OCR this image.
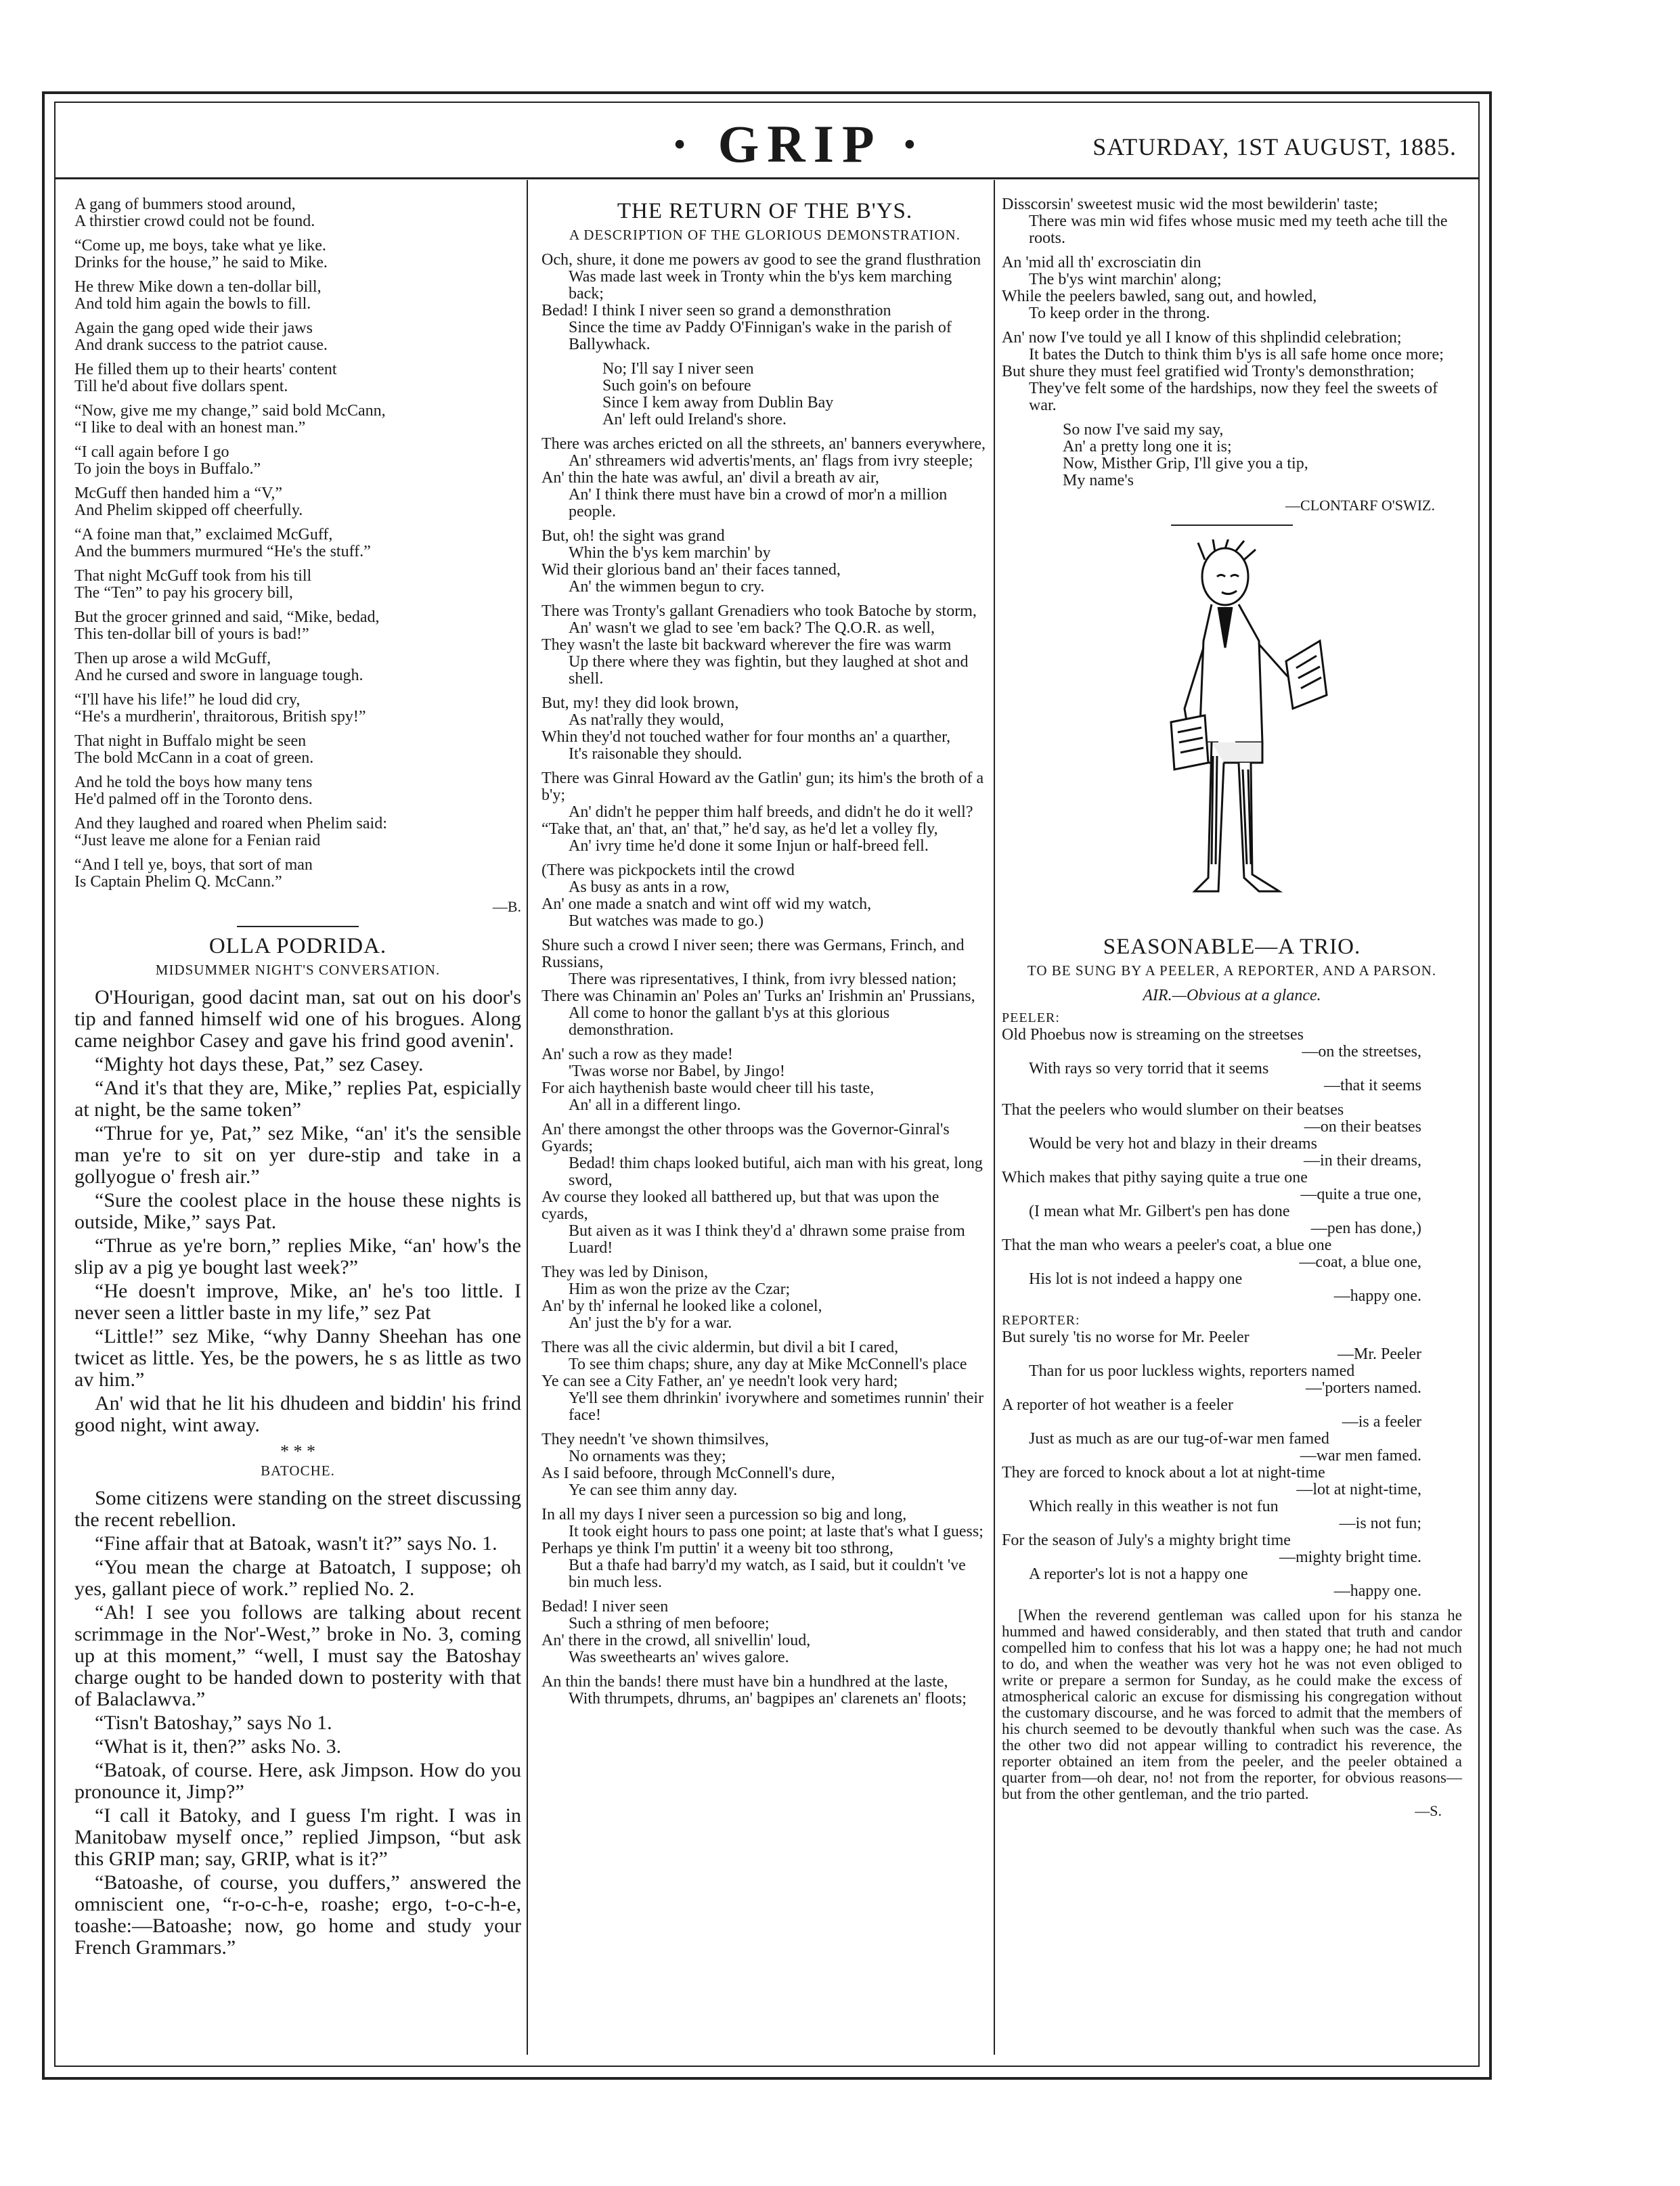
· GRIP ·	SATURDAY, 1ST AUGUST, 1885.
A gang of bummers stood around,
A thirstier crowd could not be found.
“Come up, me boys, take what ye like.
Drinks for the house,” he said to Mike.
He threw Mike down a ten-dollar bill,
And told him again the bowls to fill.
Again the gang oped wide their jaws
And drank success to the patriot cause.
He filled them up to their hearts' content
Till he'd about five dollars spent.
“Now, give me my change,” said bold McCann,
“I like to deal with an honest man.”
“I call again before I go
To join the boys in Buffalo.”
McGuff then handed him a “V,”
And Phelim skipped off cheerfully.
“A foine man that,” exclaimed McGuff,
And the bummers murmured “He's the stuff.”
That night McGuff took from his till
The “Ten” to pay his grocery bill,
But the grocer grinned and said, “Mike, bedad,
This ten-dollar bill of yours is bad!”
Then up arose a wild McGuff,
And he cursed and swore in language tough.
“I'll have his life!” he loud did cry,
“He's a murdherin', thraitorous, British spy!”
That night in Buffalo might be seen
The bold McCann in a coat of green.
And he told the boys how many tens
He'd palmed off in the Toronto dens.
And they laughed and roared when Phelim said:
“Just leave me alone for a Fenian raid
“And I tell ye, boys, that sort of man
Is Captain Phelim Q. McCann.”
—B.
OLLA PODRIDA.
MIDSUMMER NIGHT'S CONVERSATION.

O'Hourigan, good dacint man, sat out on his door's tip and fanned himself wid one of his brogues. Along came neighbor Casey and gave his frind good avenin'.

“Mighty hot days these, Pat,” sez Casey.

“And it's that they are, Mike,” replies Pat, espicially at night, be the same token”

“Thrue for ye, Pat,” sez Mike, “an' it's the sensible man ye're to sit on yer dure-stip and take in a gollyogue o' fresh air.”

“Sure the coolest place in the house these nights is outside, Mike,” says Pat.

“Thrue as ye're born,” replies Mike, “an' how's the slip av a pig ye bought last week?”

“He doesn't improve, Mike, an' he's too little. I never seen a littler baste in my life,” sez Pat

“Little!” sez Mike, “why Danny Sheehan has one twicet as little. Yes, be the powers, he s as little as two av him.”

An' wid that he lit his dhudeen and biddin' his frind good night, wint away.

* * *
BATOCHE.

Some citizens were standing on the street discussing the recent rebellion.

“Fine affair that at Batoak, wasn't it?” says No. 1.

“You mean the charge at Batoatch, I suppose; oh yes, gallant piece of work.” replied No. 2.

“Ah! I see you follows are talking about recent scrimmage in the Nor'-West,” broke in No. 3, coming up at this moment,” “well, I must say the Batoshay charge ought to be handed down to posterity with that of Balaclawva.”

“Tisn't Batoshay,” says No 1.

“What is it, then?” asks No. 3.

“Batoak, of course. Here, ask Jimpson. How do you pronounce it, Jimp?”

“I call it Batoky, and I guess I'm right. I was in Manitobaw myself once,” replied Jimpson, “but ask this GRIP man; say, GRIP, what is it?”

“Batoashe, of course, you duffers,” answered the omniscient one, “r-o-c-h-e, roashe; ergo, t-o-c-h-e, toashe:—Batoashe; now, go home and study your French Grammars.”

THE RETURN OF THE B'YS.
A DESCRIPTION OF THE GLORIOUS DEMONSTRATION.
Och, shure, it done me powers av good to see the grand flusthration
Was made last week in Tronty whin the b'ys kem marching back;
Bedad! I think I niver seen so grand a demonsthration
Since the time av Paddy O'Finnigan's wake in the parish of Ballywhack.
No; I'll say I niver seen
Such goin's on befoure
Since I kem away from Dublin Bay
An' left ould Ireland's shore.
There was arches ericted on all the sthreets, an' banners everywhere,
An' sthreamers wid advertis'ments, an' flags from ivry steeple;
An' thin the hate was awful, an' divil a breath av air,
An' I think there must have bin a crowd of mor'n a million people.
But, oh! the sight was grand
Whin the b'ys kem marchin' by
Wid their glorious band an' their faces tanned,
An' the wimmen begun to cry.
There was Tronty's gallant Grenadiers who took Batoche by storm,
An' wasn't we glad to see 'em back? The Q.O.R. as well,
They wasn't the laste bit backward wherever the fire was warm
Up there where they was fightin, but they laughed at shot and shell.
But, my! they did look brown,
As nat'rally they would,
Whin they'd not touched wather for four months an' a quarther,
It's raisonable they should.
There was Ginral Howard av the Gatlin' gun; its him's the broth of a b'y;
An' didn't he pepper thim half breeds, and didn't he do it well?
“Take that, an' that, an' that,” he'd say, as he'd let a volley fly,
An' ivry time he'd done it some Injun or half-breed fell.
(There was pickpockets intil the crowd
As busy as ants in a row,
An' one made a snatch and wint off wid my watch,
But watches was made to go.)
Shure such a crowd I niver seen; there was Germans, Frinch, and Russians,
There was ripresentatives, I think, from ivry blessed nation;
There was Chinamin an' Poles an' Turks an' Irishmin an' Prussians,
All come to honor the gallant b'ys at this glorious demonsthration.
An' such a row as they made!
'Twas worse nor Babel, by Jingo!
For aich haythenish baste would cheer till his taste,
An' all in a different lingo.
An' there amongst the other throops was the Governor-Ginral's Gyards;
Bedad! thim chaps looked butiful, aich man with his great, long sword,
Av course they looked all batthered up, but that was upon the cyards,
But aiven as it was I think they'd a' dhrawn some praise from Luard!
They was led by Dinison,
Him as won the prize av the Czar;
An' by th' infernal he looked like a colonel,
An' just the b'y for a war.
There was all the civic aldermin, but divil a bit I cared,
To see thim chaps; shure, any day at Mike McConnell's place
Ye can see a City Father, an' ye needn't look very hard;
Ye'll see them dhrinkin' ivorywhere and sometimes runnin' their face!
They needn't 've shown thimsilves,
No ornaments was they;
As I said befoore, through McConnell's dure,
Ye can see thim anny day.
In all my days I niver seen a purcession so big and long,
It took eight hours to pass one point; at laste that's what I guess;
Perhaps ye think I'm puttin' it a weeny bit too sthrong,
But a thafe had barry'd my watch, as I said, but it couldn't 've bin much less.
Bedad! I niver seen
Such a sthring of men befoore;
An' there in the crowd, all snivellin' loud,
Was sweethearts an' wives galore.
An thin the bands! there must have bin a hundhred at the laste,
With thrumpets, dhrums, an' bagpipes an' clarenets an' floots;
Disscorsin' sweetest music wid the most bewilderin' taste;
There was min wid fifes whose music med my teeth ache till the roots.
An 'mid all th' excrosciatin din
The b'ys wint marchin' along;
While the peelers bawled, sang out, and howled,
To keep order in the throng.
An' now I've tould ye all I know of this shplindid celebration;
It bates the Dutch to think thim b'ys is all safe home once more;
But shure they must feel gratified wid Tronty's demonsthration;
They've felt some of the hardships, now they feel the sweets of war.
So now I've said my say,
An' a pretty long one it is;
Now, Misther Grip, I'll give you a tip,
My name's
—CLONTARF O'SWIZ.
SEASONABLE—A TRIO.
TO BE SUNG BY A PEELER, A REPORTER, AND A PARSON.
AIR.—Obvious at a glance.
PEELER:
Old Phoebus now is streaming on the streetses
—on the streetses,
With rays so very torrid that it seems
—that it seems
That the peelers who would slumber on their beatses
—on their beatses
Would be very hot and blazy in their dreams
—in their dreams,
Which makes that pithy saying quite a true one
—quite a true one,
(I mean what Mr. Gilbert's pen has done
—pen has done,)
That the man who wears a peeler's coat, a blue one
—coat, a blue one,
His lot is not indeed a happy one
—happy one.
REPORTER:
But surely 'tis no worse for Mr. Peeler
—Mr. Peeler
Than for us poor luckless wights, reporters named
—'porters named.
A reporter of hot weather is a feeler
—is a feeler
Just as much as are our tug-of-war men famed
—war men famed.
They are forced to knock about a lot at night-time
—lot at night-time,
Which really in this weather is not fun
—is not fun;
For the season of July's a mighty bright time
—mighty bright time.
A reporter's lot is not a happy one
—happy one.
[When the reverend gentleman was called upon for his stanza he hummed and hawed considerably, and then stated that truth and candor compelled him to confess that his lot was a happy one; he had not much to do, and when the weather was very hot he was not even obliged to write or prepare a sermon for Sunday, as he could make the excess of atmospherical caloric an excuse for dismissing his congregation without the customary discourse, and he was forced to admit that the members of his church seemed to be devoutly thankful when such was the case. As the other two did not appear willing to contradict his reverence, the reporter obtained an item from the peeler, and the peeler obtained a quarter from—oh dear, no! not from the reporter, for obvious reasons—but from the other gentleman, and the trio parted.
—S.
